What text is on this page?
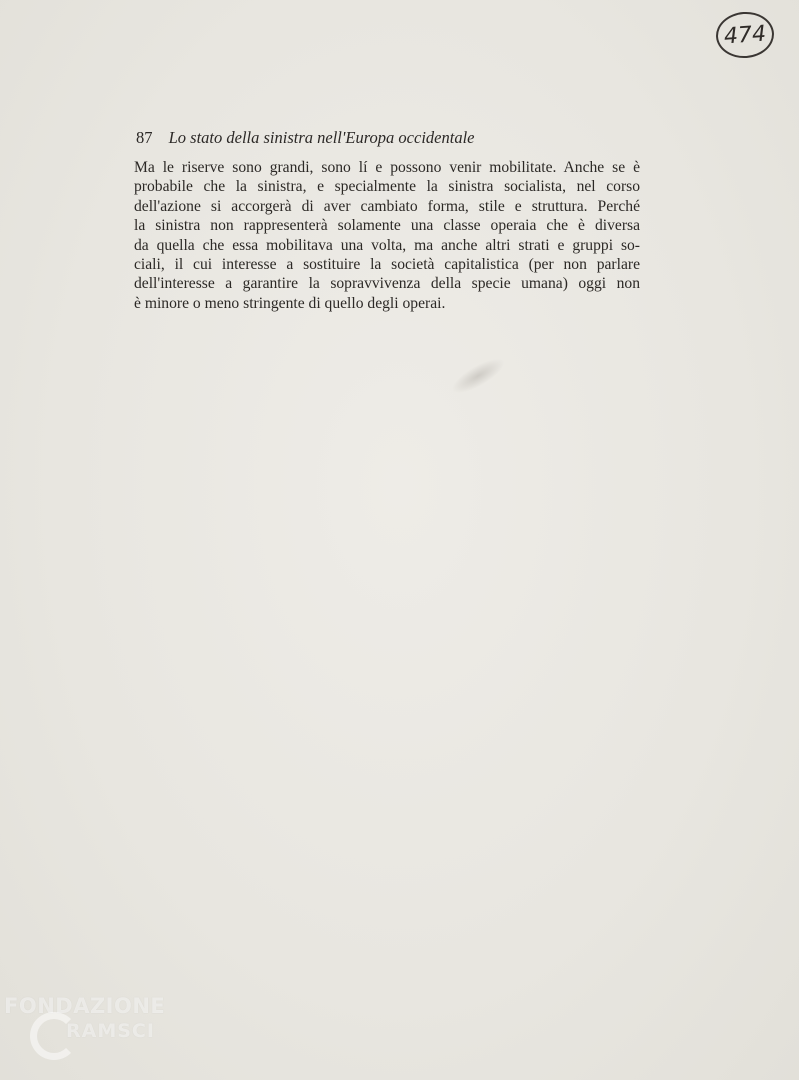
474
87 Lo stato della sinistra nell'Europa occidentale

Ma le riserve sono grandi, sono lí e possono venir mobilitate. Anche se è
probabile che la sinistra, e specialmente la sinistra socialista, nel corso
dell'azione si accorgerà di aver cambiato forma, stile e struttura. Perché
la sinistra non rappresenterà solamente una classe operaia che è diversa
da quella che essa mobilitava una volta, ma anche altri strati e gruppi so-
ciali, il cui interesse a sostituire la società capitalistica (per non parlare
dell'interesse a garantire la sopravvivenza della specie umana) oggi non
è minore o meno stringente di quello degli operai.

FONDAZIONE
RAMSCI
